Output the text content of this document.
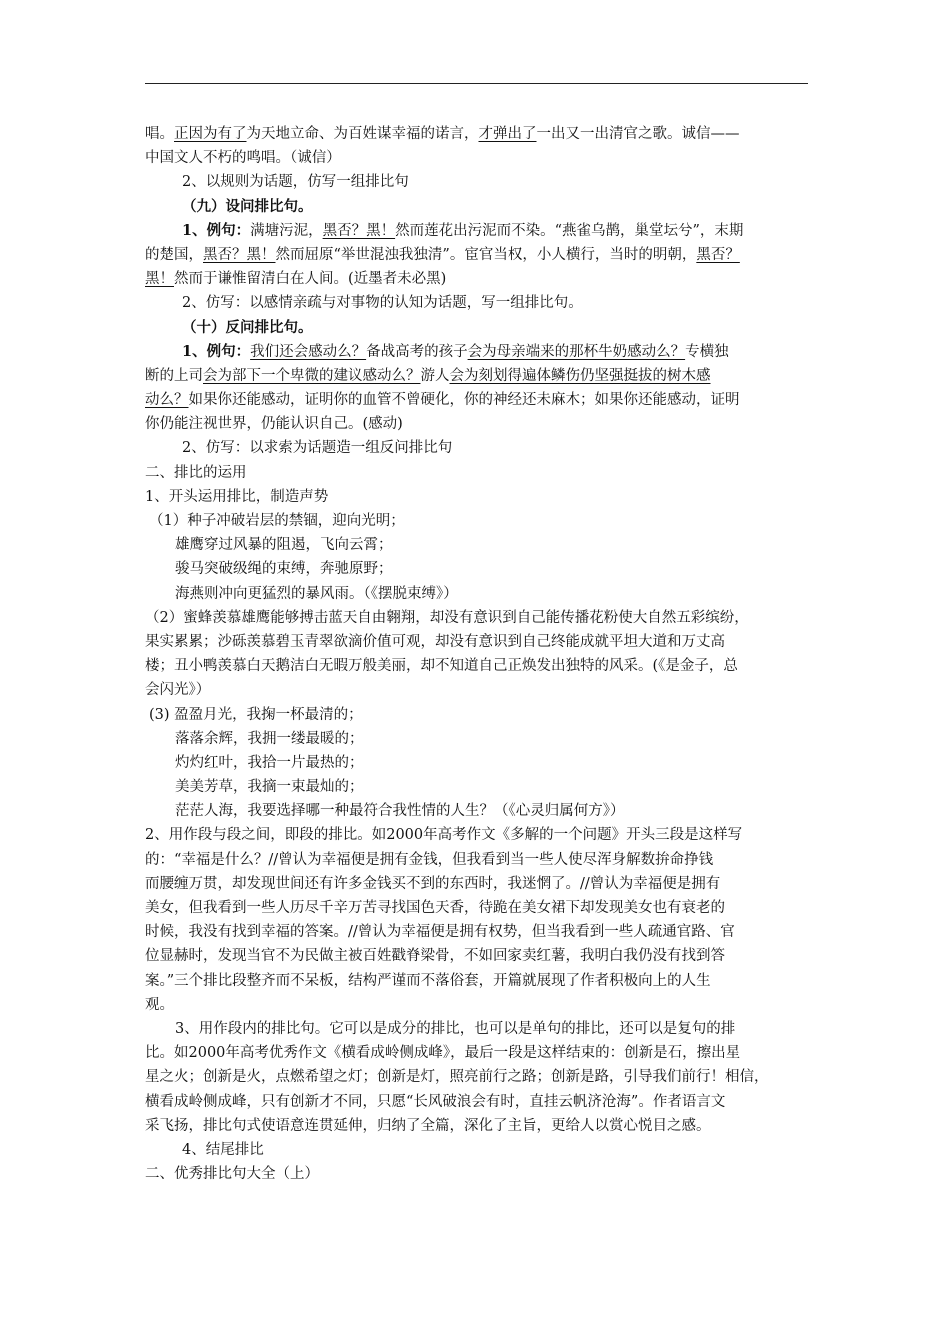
唱。正因为有了为天地立命、为百姓谋幸福的诺言，才弹出了一出又一出清官之歌。诚信——
中国文人不朽的鸣唱。（诚信）
2、以规则为话题，仿写一组排比句
（九）设问排比句。
1、例句：满塘污泥，黑否？黑！然而莲花出污泥而不染。“燕雀乌鹊，巢堂坛兮”，末期
的楚国，黑否？黑！然而屈原“举世混浊我独清”。宦官当权，小人横行，当时的明朝，黑否？
黑！然而于谦惟留清白在人间。(近墨者未必黑)
2、仿写：以感情亲疏与对事物的认知为话题，写一组排比句。
（十）反问排比句。
1、例句：我们还会感动么？备战高考的孩子会为母亲端来的那杯牛奶感动么？专横独
断的上司会为部下一个卑微的建议感动么？游人会为刻划得遍体鳞伤仍坚强挺拔的树木感
动么？如果你还能感动，证明你的血管不曾硬化，你的神经还未麻木；如果你还能感动，证明
你仍能注视世界，仍能认识自己。(感动)
2、仿写：以求索为话题造一组反问排比句
二、排比的运用
1、开头运用排比，制造声势
（1）种子冲破岩层的禁锢，迎向光明；
雄鹰穿过风暴的阻遏，飞向云霄；
骏马突破级绳的束缚，奔驰原野；
海燕则冲向更猛烈的暴风雨。（《摆脱束缚》）
（2）蜜蜂羡慕雄鹰能够搏击蓝天自由翱翔，却没有意识到自己能传播花粉使大自然五彩缤纷，
果实累累；沙砾羡慕碧玉青翠欲滴价值可观，却没有意识到自己终能成就平坦大道和万丈高
楼；丑小鸭羡慕白天鹅洁白无暇万般美丽，却不知道自己正焕发出独特的风采。(《是金子，总
会闪光》）
(3) 盈盈月光，我掬一杯最清的；
落落余辉，我拥一缕最暖的；
灼灼红叶，我拾一片最热的；
美美芳草，我摘一束最灿的；
茫茫人海，我要选择哪一种最符合我性情的人生？（《心灵归属何方》）
2、用作段与段之间，即段的排比。如2000年高考作文《多解的一个问题》开头三段是这样写
的：“幸福是什么？//曾认为幸福便是拥有金钱，但我看到当一些人使尽浑身解数拚命挣钱
而腰缠万贯，却发现世间还有许多金钱买不到的东西时，我迷惘了。//曾认为幸福便是拥有
美女，但我看到一些人历尽千辛万苦寻找国色天香，待跪在美女裙下却发现美女也有衰老的
时候，我没有找到幸福的答案。//曾认为幸福便是拥有权势，但当我看到一些人疏通官路、官
位显赫时，发现当官不为民做主被百姓戳脊梁骨，不如回家卖红薯，我明白我仍没有找到答
案。”三个排比段整齐而不呆板，结构严谨而不落俗套，开篇就展现了作者积极向上的人生
观。
3、用作段内的排比句。它可以是成分的排比，也可以是单句的排比，还可以是复句的排
比。如2000年高考优秀作文《横看成岭侧成峰》，最后一段是这样结束的：创新是石，擦出星
星之火；创新是火，点燃希望之灯；创新是灯，照亮前行之路；创新是路，引导我们前行！相信，
横看成岭侧成峰，只有创新才不同，只愿“长风破浪会有时，直挂云帆济沧海”。作者语言文
采飞扬，排比句式使语意连贯延伸，归纳了全篇，深化了主旨，更给人以赏心悦目之感。
4、结尾排比
二、优秀排比句大全（上）
